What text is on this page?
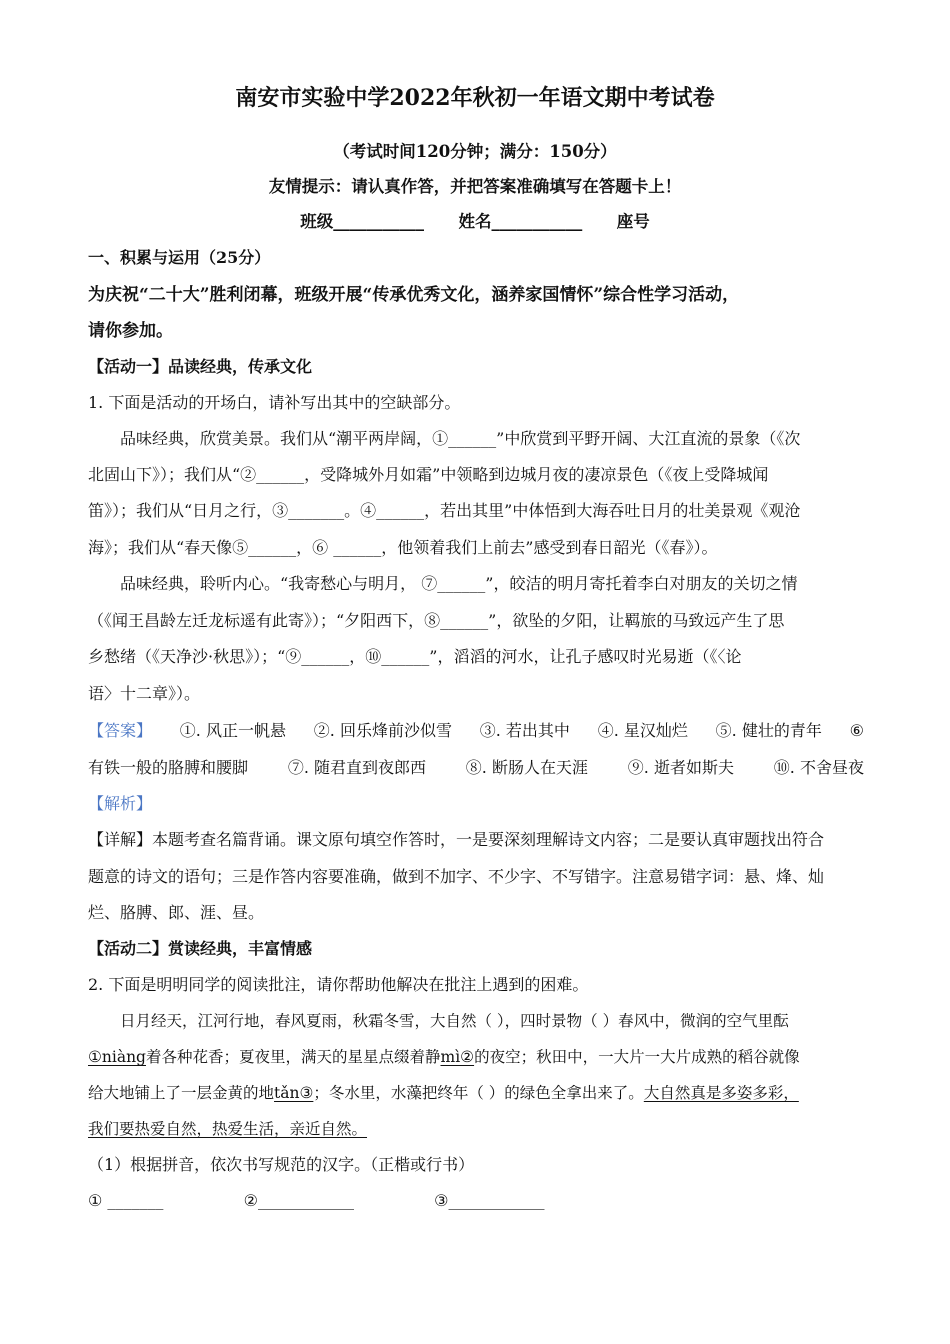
南安市实验中学2022年秋初一年语文期中考试卷
（考试时间120分钟；满分：150分）
友情提示：请认真作答，并把答案准确填写在答题卡上！
班级___________ 姓名___________ 座号
一、积累与运用（25分）
为庆祝“二十大”胜利闭幕，班级开展“传承优秀文化，涵养家国情怀”综合性学习活动，
请你参加。
【活动一】品读经典，传承文化
1. 下面是活动的开场白，请补写出其中的空缺部分。
品味经典，欣赏美景。我们从“潮平两岸阔，①______”中欣赏到平野开阔、大江直流的景象（《次
北固山下》）；我们从“②______，受降城外月如霜”中领略到边城月夜的凄凉景色（《夜上受降城闻
笛》）；我们从“日月之行，③_______。④______，若出其里”中体悟到大海吞吐日月的壮美景观《观沧
海》；我们从“春天像⑤______，⑥ ______，他领着我们上前去”感受到春日韶光（《春》）。
品味经典，聆听内心。“我寄愁心与明月， ⑦______”，皎洁的明月寄托着李白对朋友的关切之情
（《闻王昌龄左迁龙标遥有此寄》）；“夕阳西下，⑧______”，欲坠的夕阳，让羁旅的马致远产生了思
乡愁绪（《天净沙·秋思》）；“⑨______，⑩______”，滔滔的河水，让孔子感叹时光易逝（《〈论
语〉十二章》）。
【答案】 ①. 风正一帆悬 ②. 回乐烽前沙似雪 ③. 若出其中 ④. 星汉灿烂 ⑤. 健壮的青年 ⑥
有铁一般的胳膊和腰脚 ⑦. 随君直到夜郎西 ⑧. 断肠人在天涯 ⑨. 逝者如斯夫 ⑩. 不舍昼夜
【解析】
【详解】本题考查名篇背诵。课文原句填空作答时，一是要深刻理解诗文内容；二是要认真审题找出符合
题意的诗文的语句；三是作答内容要准确，做到不加字、不少字、不写错字。注意易错字词：悬、烽、灿
烂、胳膊、郎、涯、昼。
【活动二】赏读经典，丰富情感
2. 下面是明明同学的阅读批注，请你帮助他解决在批注上遇到的困难。
日月经天，江河行地，春风夏雨，秋霜冬雪，大自然（ ），四时景物（ ）春风中，微润的空气里酝
①niàng着各种花香；夏夜里，满天的星星点缀着静mì②的夜空；秋田中，一大片一大片成熟的稻谷就像
给大地铺上了一层金黄的地tǎn③；冬水里，水藻把终年（ ）的绿色全拿出来了。大自然真是多姿多彩，
我们要热爱自然，热爱生活，亲近自然。
（1）根据拼音，依次书写规范的汉字。（正楷或行书）
① _______	②____________	③____________
